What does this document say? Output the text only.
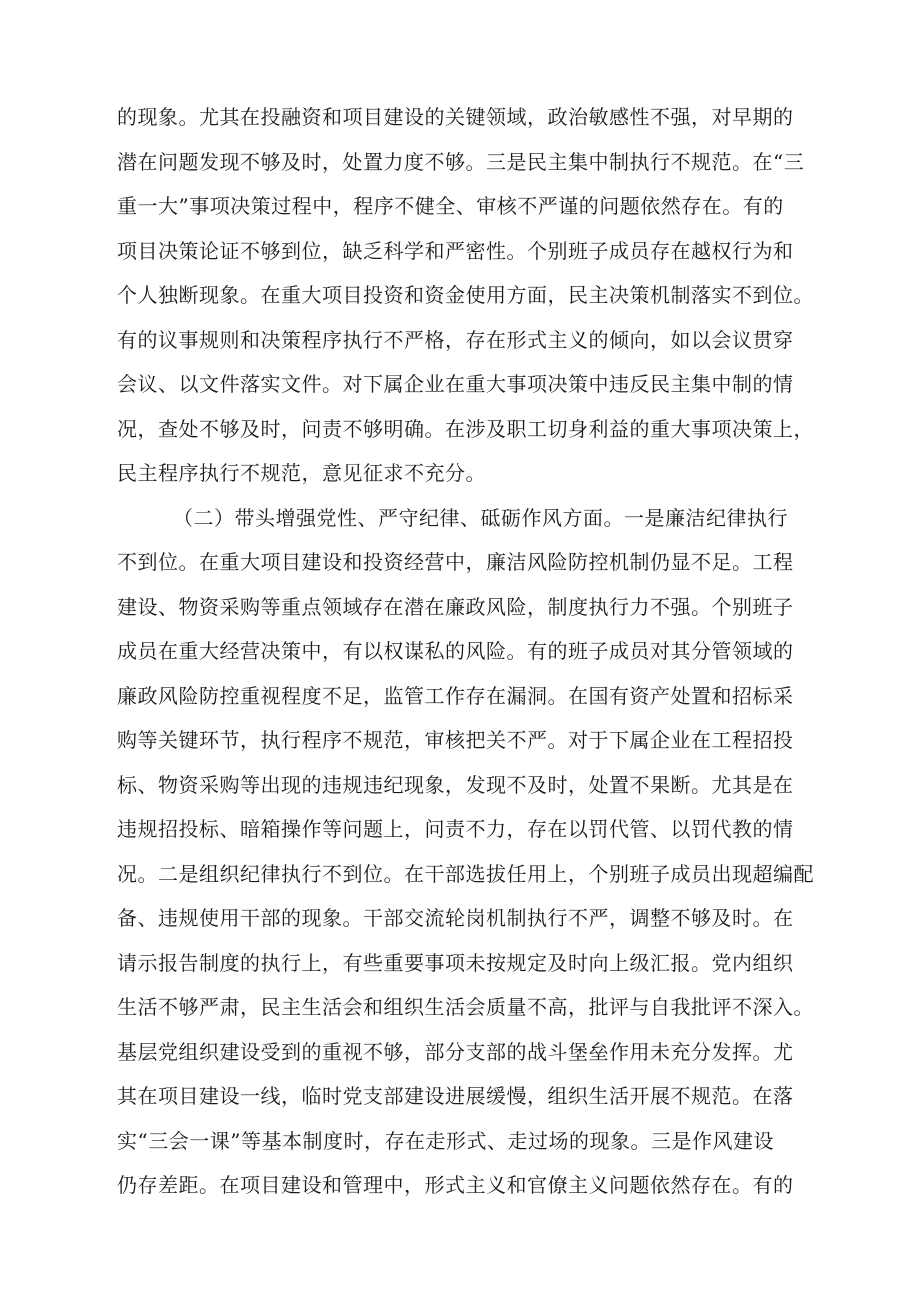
的现象。尤其在投融资和项目建设的关键领域，政治敏感性不强，对早期的
潜在问题发现不够及时，处置力度不够。三是民主集中制执行不规范。在“三
重一大”事项决策过程中，程序不健全、审核不严谨的问题依然存在。有的
项目决策论证不够到位，缺乏科学和严密性。个别班子成员存在越权行为和
个人独断现象。在重大项目投资和资金使用方面，民主决策机制落实不到位。
有的议事规则和决策程序执行不严格，存在形式主义的倾向，如以会议贯穿
会议、以文件落实文件。对下属企业在重大事项决策中违反民主集中制的情
况，查处不够及时，问责不够明确。在涉及职工切身利益的重大事项决策上，
民主程序执行不规范，意见征求不充分。
（二）带头增强党性、严守纪律、砥砺作风方面。一是廉洁纪律执行
不到位。在重大项目建设和投资经营中，廉洁风险防控机制仍显不足。工程
建设、物资采购等重点领域存在潜在廉政风险，制度执行力不强。个别班子
成员在重大经营决策中，有以权谋私的风险。有的班子成员对其分管领域的
廉政风险防控重视程度不足，监管工作存在漏洞。在国有资产处置和招标采
购等关键环节，执行程序不规范，审核把关不严。对于下属企业在工程招投
标、物资采购等出现的违规违纪现象，发现不及时，处置不果断。尤其是在
违规招投标、暗箱操作等问题上，问责不力，存在以罚代管、以罚代教的情
况。二是组织纪律执行不到位。在干部选拔任用上，个别班子成员出现超编配
备、违规使用干部的现象。干部交流轮岗机制执行不严，调整不够及时。在
请示报告制度的执行上，有些重要事项未按规定及时向上级汇报。党内组织
生活不够严肃，民主生活会和组织生活会质量不高，批评与自我批评不深入。
基层党组织建设受到的重视不够，部分支部的战斗堡垒作用未充分发挥。尤
其在项目建设一线，临时党支部建设进展缓慢，组织生活开展不规范。在落
实“三会一课”等基本制度时，存在走形式、走过场的现象。三是作风建设
仍存差距。在项目建设和管理中，形式主义和官僚主义问题依然存在。有的
